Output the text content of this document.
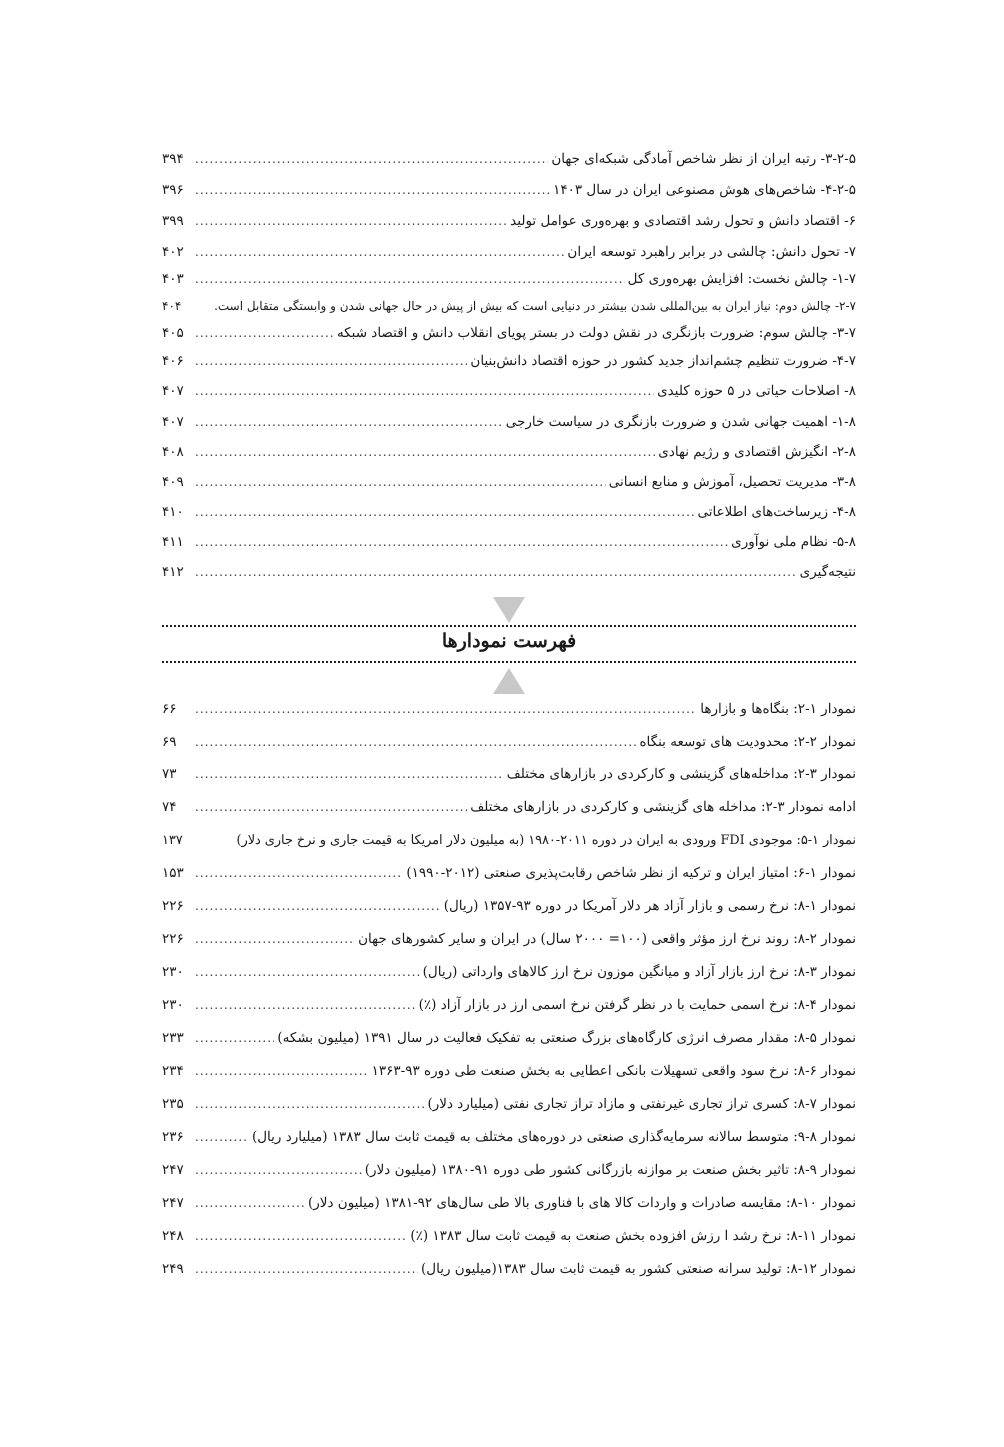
۳-۲-۵- رتبه ایران از نظر شاخص آمادگی شبکه‌ای جهان
.....
۳۹۴
۴-۲-۵- شاخص‌های هوش مصنوعی ایران در سال ۱۴۰۳
.....
۳۹۶
۶- اقتصاد دانش و تحول رشد اقتصادی و بهره‌وری عوامل تولید
.....
۳۹۹
۷- تحول دانش: چالشی در برابر راهبرد توسعه ایران
.....
۴۰۲
۱-۷- چالش نخست: افزایش بهره‌وری کل
.....
۴۰۳
۲-۷- چالش دوم: نیاز ایران به بین‌المللی شدن بیشتر در دنیایی است که بیش از پیش در حال جهانی شدن و وابستگی متقابل است.
۴۰۴
۳-۷- چالش سوم: ضرورت بازنگری در نقش دولت در بستر پویای انقلاب دانش و اقتصاد شبکه
.....
۴۰۵
۴-۷- ضرورت تنظیم چشم‌انداز جدید کشور در حوزه اقتصاد دانش‌بنیان
.....
۴۰۶
۸- اصلاحات حیاتی در ۵ حوزه کلیدی
.....
۴۰۷
۱-۸- اهمیت جهانی شدن و ضرورت بازنگری در سیاست خارجی
.....
۴۰۷
۲-۸- انگیزش اقتصادی و رژیم نهادی
.....
۴۰۸
۳-۸- مدیریت تحصیل، آموزش و منابع انسانی
.....
۴۰۹
۴-۸- زیرساخت‌های اطلاعاتی
.....
۴۱۰
۵-۸- نظام ملی نوآوری
.....
۴۱۱
نتیجه‌گیری
.....
۴۱۲
فهرست نمودارها
نمودار ۱-۲: بنگاه‌ها و بازارها
.....
۶۶
نمودار ۲-۲: محدودیت های توسعه بنگاه
.....
۶۹
نمودار ۳-۲: مداخله‌های گزینشی و کارکردی در بازارهای مختلف
.....
۷۳
ادامه نمودار ۳-۲: مداخله های گزینشی و کارکردی در بازارهای مختلف
.....
۷۴
نمودار ۱-۵: موجودی FDI ورودی به ایران در دوره ۲۰۱۱-۱۹۸۰ (به میلیون دلار امریکا به قیمت جاری و نرخ جاری دلار)
۱۳۷
نمودار ۱-۶: امتیاز ایران و ترکیه از نظر شاخص رقابت‌پذیری صنعتی (۲۰۱۲-۱۹۹۰)
.....
۱۵۳
نمودار ۱-۸: نرخ رسمی و بازار آزاد هر دلار آمریکا در دوره ۹۳-۱۳۵۷ (ریال)
.....
۲۲۶
نمودار ۲-۸: روند نرخ ارز مؤثر واقعی (۱۰۰= ۲۰۰۰ سال) در ایران و سایر کشورهای جهان
.....
۲۲۶
نمودار ۳-۸: نرخ ارز بازار آزاد و میانگین موزون نرخ ارز کالاهای وارداتی (ریال)
.....
۲۳۰
نمودار ۴-۸: نرخ اسمی حمایت با در نظر گرفتن نرخ اسمی ارز در بازار آزاد (٪)
.....
۲۳۰
نمودار ۵-۸: مقدار مصرف انرژی کارگاه‌های بزرگ صنعتی به تفکیک فعالیت در سال ۱۳۹۱ (میلیون بشکه)
.....
۲۳۳
نمودار ۶-۸: نرخ سود واقعی تسهیلات بانکی اعطایی به بخش صنعت طی دوره ۹۳-۱۳۶۳
.....
۲۳۴
نمودار ۷-۸: کسری تراز تجاری غیرنفتی و مازاد تراز تجاری نفتی (میلیارد دلار)
.....
۲۳۵
نمودار ۸-۹: متوسط سالانه سرمایه‌گذاری صنعتی در دوره‌های مختلف به قیمت ثابت سال ۱۳۸۳ (میلیارد ریال)
.....
۲۳۶
نمودار ۹-۸: تاثیر بخش صنعت بر موازنه بازرگانی کشور طی دوره ۹۱-۱۳۸۰ (میلیون دلار)
.....
۲۴۷
نمودار ۱۰-۸: مقایسه صادرات و واردات کالا های با فناوری بالا طی سال‌های ۹۲-۱۳۸۱ (میلیون دلار)
.....
۲۴۷
نمودار ۱۱-۸: نرخ رشد ا رزش افزوده بخش صنعت به قیمت ثابت سال ۱۳۸۳ (٪)
.....
۲۴۸
نمودار ۱۲-۸: تولید سرانه صنعتی کشور به قیمت ثابت سال ۱۳۸۳(میلیون ریال)
.....
۲۴۹
